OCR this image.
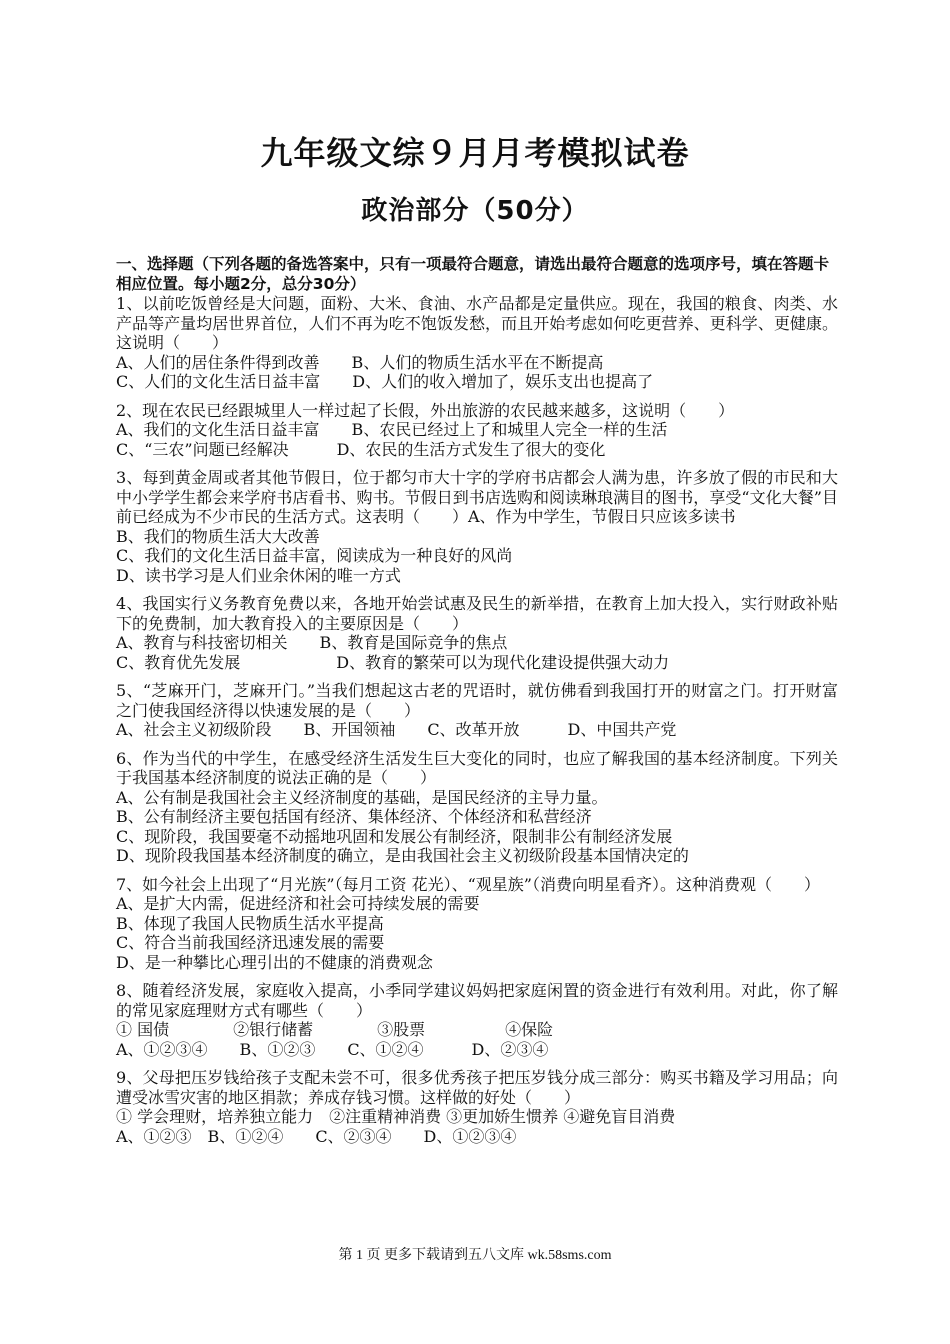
九年级文综９月月考模拟试卷
政治部分（50分）
一、选择题（下列各题的备选答案中，只有一项最符合题意，请选出最符合题意的选项序号，填在答题卡相应位置。每小题2分，总分30分）
1、以前吃饭曾经是大问题，面粉、大米、食油、水产品都是定量供应。现在，我国的粮食、肉类、水产品等产量均居世界首位，人们不再为吃不饱饭发愁，而且开始考虑如何吃更营养、更科学、更健康。这说明（　　）
A、人们的居住条件得到改善　　B、人们的物质生活水平在不断提高
C、人们的文化生活日益丰富　　D、人们的收入增加了，娱乐支出也提高了
2、现在农民已经跟城里人一样过起了长假，外出旅游的农民越来越多，这说明（　　）
A、我们的文化生活日益丰富　　B、农民已经过上了和城里人完全一样的生活
C、“三农”问题已经解决　　　D、农民的生活方式发生了很大的变化
3、每到黄金周或者其他节假日，位于都匀市大十字的学府书店都会人满为患，许多放了假的市民和大中小学学生都会来学府书店看书、购书。节假日到书店选购和阅读琳琅满目的图书，享受“文化大餐”目前已经成为不少市民的生活方式。这表明（　　）A、作为中学生，节假日只应该多读书
B、我们的物质生活大大改善
C、我们的文化生活日益丰富，阅读成为一种良好的风尚
D、读书学习是人们业余休闲的唯一方式
4、我国实行义务教育免费以来，各地开始尝试惠及民生的新举措，在教育上加大投入，实行财政补贴下的免费制，加大教育投入的主要原因是（　　）
A、教育与科技密切相关　　B、教育是国际竞争的焦点
C、教育优先发展　　　　　　D、教育的繁荣可以为现代化建设提供强大动力
5、“芝麻开门，芝麻开门。”当我们想起这古老的咒语时，就仿佛看到我国打开的财富之门。打开财富之门使我国经济得以快速发展的是（　　）
A、社会主义初级阶段　　B、开国领袖　　C、改革开放　　　D、中国共产党
6、作为当代的中学生，在感受经济生活发生巨大变化的同时，也应了解我国的基本经济制度。下列关于我国基本经济制度的说法正确的是（　　）
A、公有制是我国社会主义经济制度的基础，是国民经济的主导力量。
B、公有制经济主要包括国有经济、集体经济、个体经济和私营经济
C、现阶段，我国要毫不动摇地巩固和发展公有制经济，限制非公有制经济发展
D、现阶段我国基本经济制度的确立，是由我国社会主义初级阶段基本国情决定的
7、如今社会上出现了“月光族”（每月工资 花光）、“观星族”（消费向明星看齐）。这种消费观（　　）
A、是扩大内需，促进经济和社会可持续发展的需要
B、体现了我国人民物质生活水平提高
C、符合当前我国经济迅速发展的需要
D、是一种攀比心理引出的不健康的消费观念
8、随着经济发展，家庭收入提高，小季同学建议妈妈把家庭闲置的资金进行有效利用。对此，你了解的常见家庭理财方式有哪些（　　）
① 国债　　　　②银行储蓄　　　　③股票　　　　　④保险
A、①②③④　　B、①②③　　C、①②④　　　D、②③④
9、父母把压岁钱给孩子支配未尝不可，很多优秀孩子把压岁钱分成三部分：购买书籍及学习用品；向遭受冰雪灾害的地区捐款；养成存钱习惯。这样做的好处（　　）
① 学会理财，培养独立能力　②注重精神消费 ③更加娇生惯养 ④避免盲目消费
A、①②③　B、①②④　　C、②③④　　D、①②③④
第 1 页 更多下载请到五八文库 wk.58sms.com
